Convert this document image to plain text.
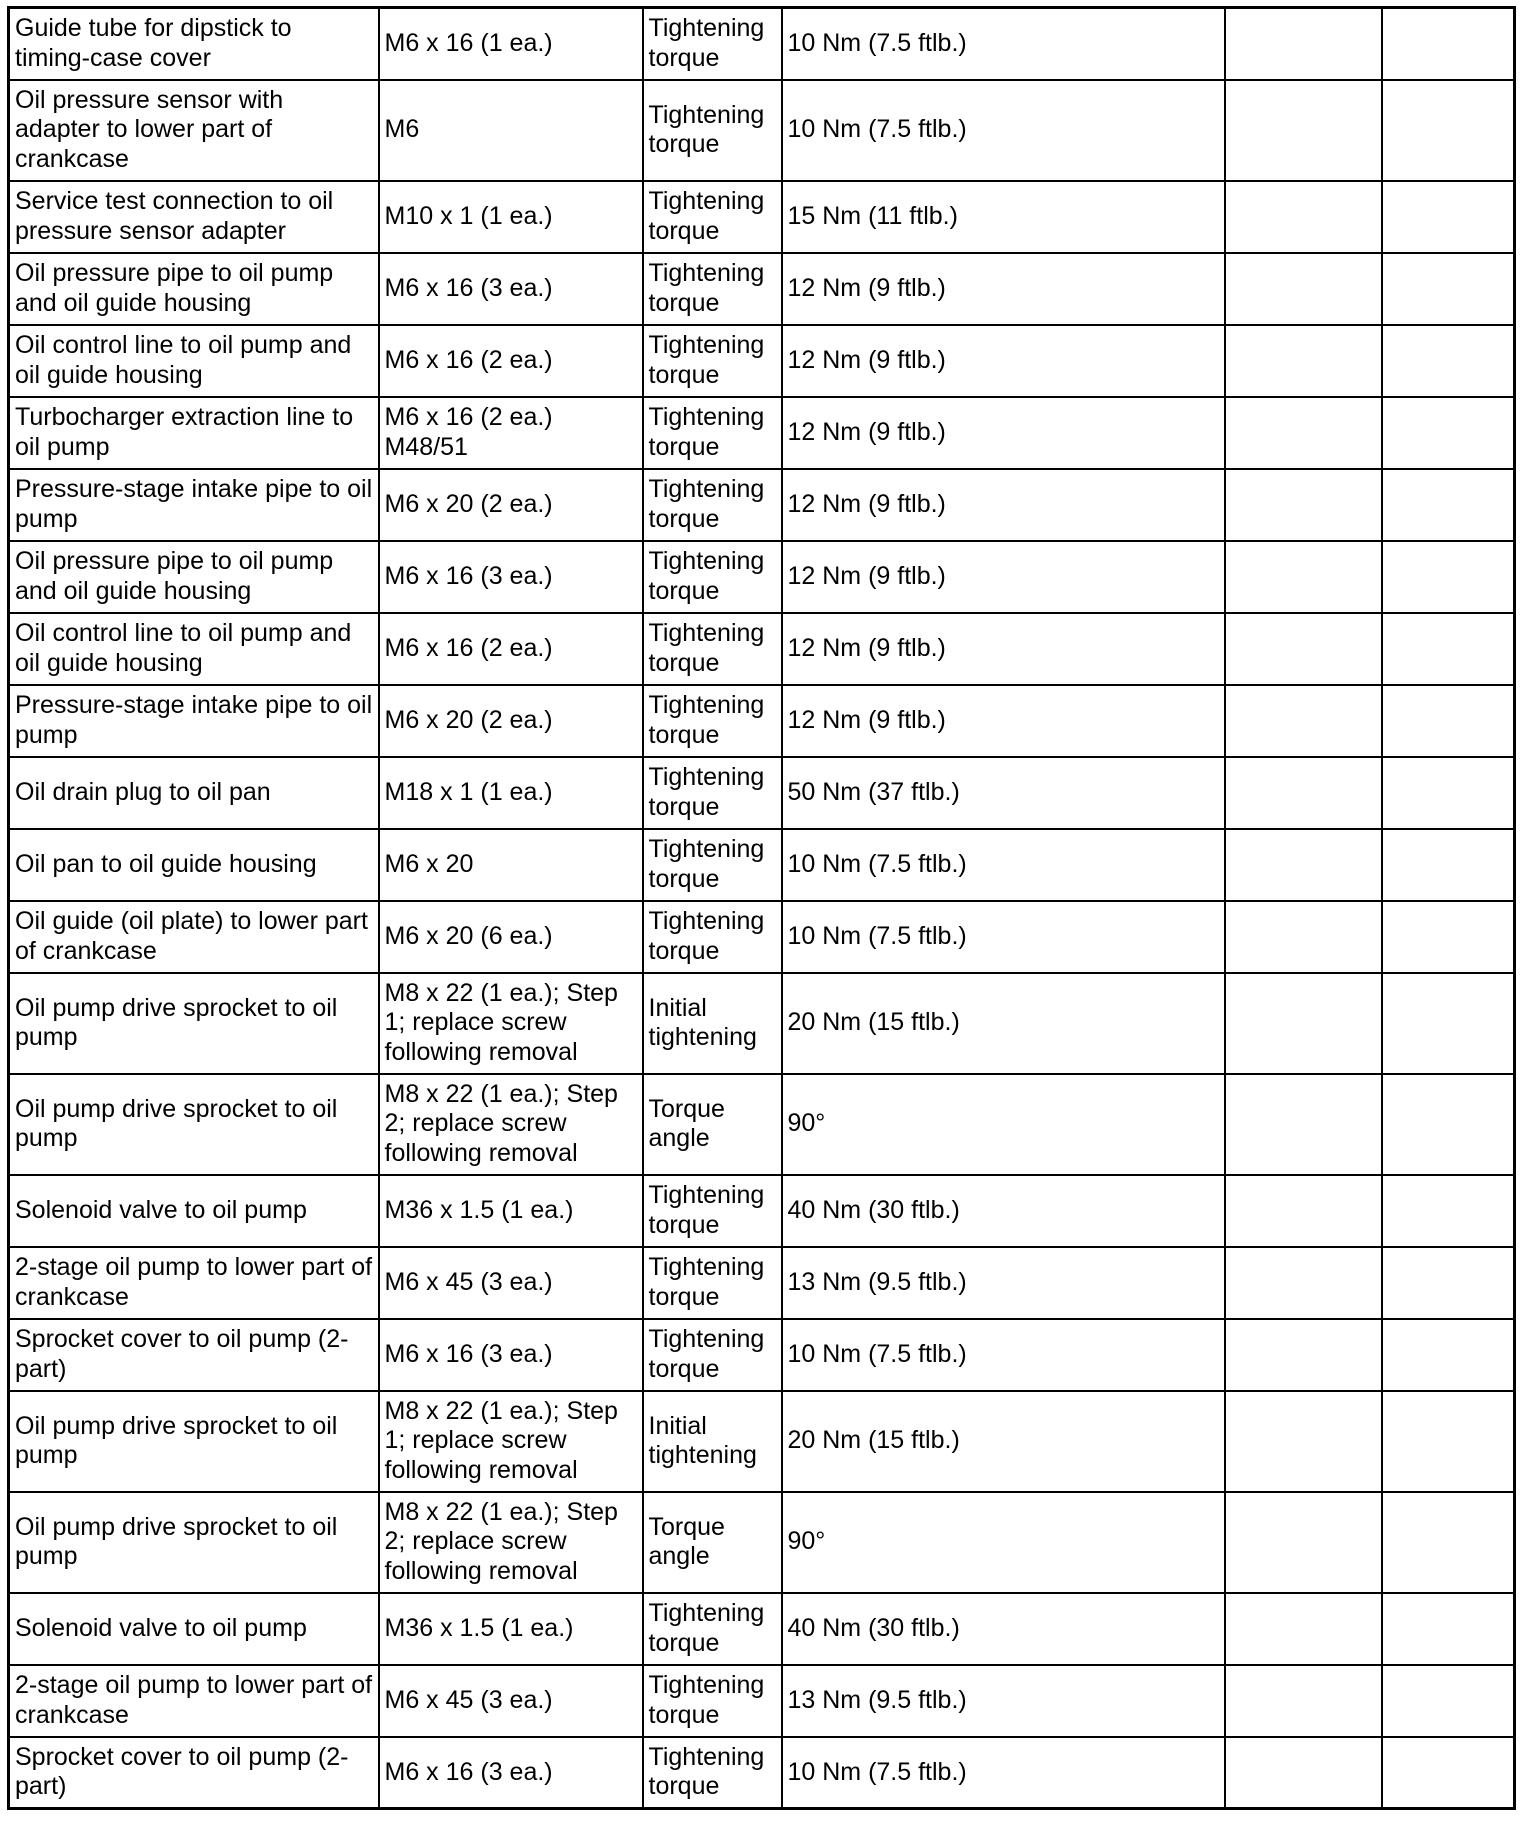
Guide tube for dipstick to timing-case cover	M6 x 16 (1 ea.)	Tightening torque	10 Nm (7.5 ftlb.)		
Oil pressure sensor with adapter to lower part of crankcase	M6	Tightening torque	10 Nm (7.5 ftlb.)		
Service test connection to oil pressure sensor adapter	M10 x 1 (1 ea.)	Tightening torque	15 Nm (11 ftlb.)		
Oil pressure pipe to oil pump and oil guide housing	M6 x 16 (3 ea.)	Tightening torque	12 Nm (9 ftlb.)		
Oil control line to oil pump and oil guide housing	M6 x 16 (2 ea.)	Tightening torque	12 Nm (9 ftlb.)		
Turbocharger extraction line to oil pump	M6 x 16 (2 ea.) M48/51	Tightening torque	12 Nm (9 ftlb.)		
Pressure-stage intake pipe to oil pump	M6 x 20 (2 ea.)	Tightening torque	12 Nm (9 ftlb.)		
Oil pressure pipe to oil pump and oil guide housing	M6 x 16 (3 ea.)	Tightening torque	12 Nm (9 ftlb.)		
Oil control line to oil pump and oil guide housing	M6 x 16 (2 ea.)	Tightening torque	12 Nm (9 ftlb.)		
Pressure-stage intake pipe to oil pump	M6 x 20 (2 ea.)	Tightening torque	12 Nm (9 ftlb.)		
Oil drain plug to oil pan	M18 x 1 (1 ea.)	Tightening torque	50 Nm (37 ftlb.)		
Oil pan to oil guide housing	M6 x 20	Tightening torque	10 Nm (7.5 ftlb.)		
Oil guide (oil plate) to lower part of crankcase	M6 x 20 (6 ea.)	Tightening torque	10 Nm (7.5 ftlb.)		
Oil pump drive sprocket to oil pump	M8 x 22 (1 ea.); Step 1; replace screw following removal	Initial tightening	20 Nm (15 ftlb.)		
Oil pump drive sprocket to oil pump	M8 x 22 (1 ea.); Step 2; replace screw following removal	Torque angle	90°		
Solenoid valve to oil pump	M36 x 1.5 (1 ea.)	Tightening torque	40 Nm (30 ftlb.)		
2-stage oil pump to lower part of crankcase	M6 x 45 (3 ea.)	Tightening torque	13 Nm (9.5 ftlb.)		
Sprocket cover to oil pump (2-part)	M6 x 16 (3 ea.)	Tightening torque	10 Nm (7.5 ftlb.)		
Oil pump drive sprocket to oil pump	M8 x 22 (1 ea.); Step 1; replace screw following removal	Initial tightening	20 Nm (15 ftlb.)		
Oil pump drive sprocket to oil pump	M8 x 22 (1 ea.); Step 2; replace screw following removal	Torque angle	90°		
Solenoid valve to oil pump	M36 x 1.5 (1 ea.)	Tightening torque	40 Nm (30 ftlb.)		
2-stage oil pump to lower part of crankcase	M6 x 45 (3 ea.)	Tightening torque	13 Nm (9.5 ftlb.)		
Sprocket cover to oil pump (2-part)	M6 x 16 (3 ea.)	Tightening torque	10 Nm (7.5 ftlb.)		
